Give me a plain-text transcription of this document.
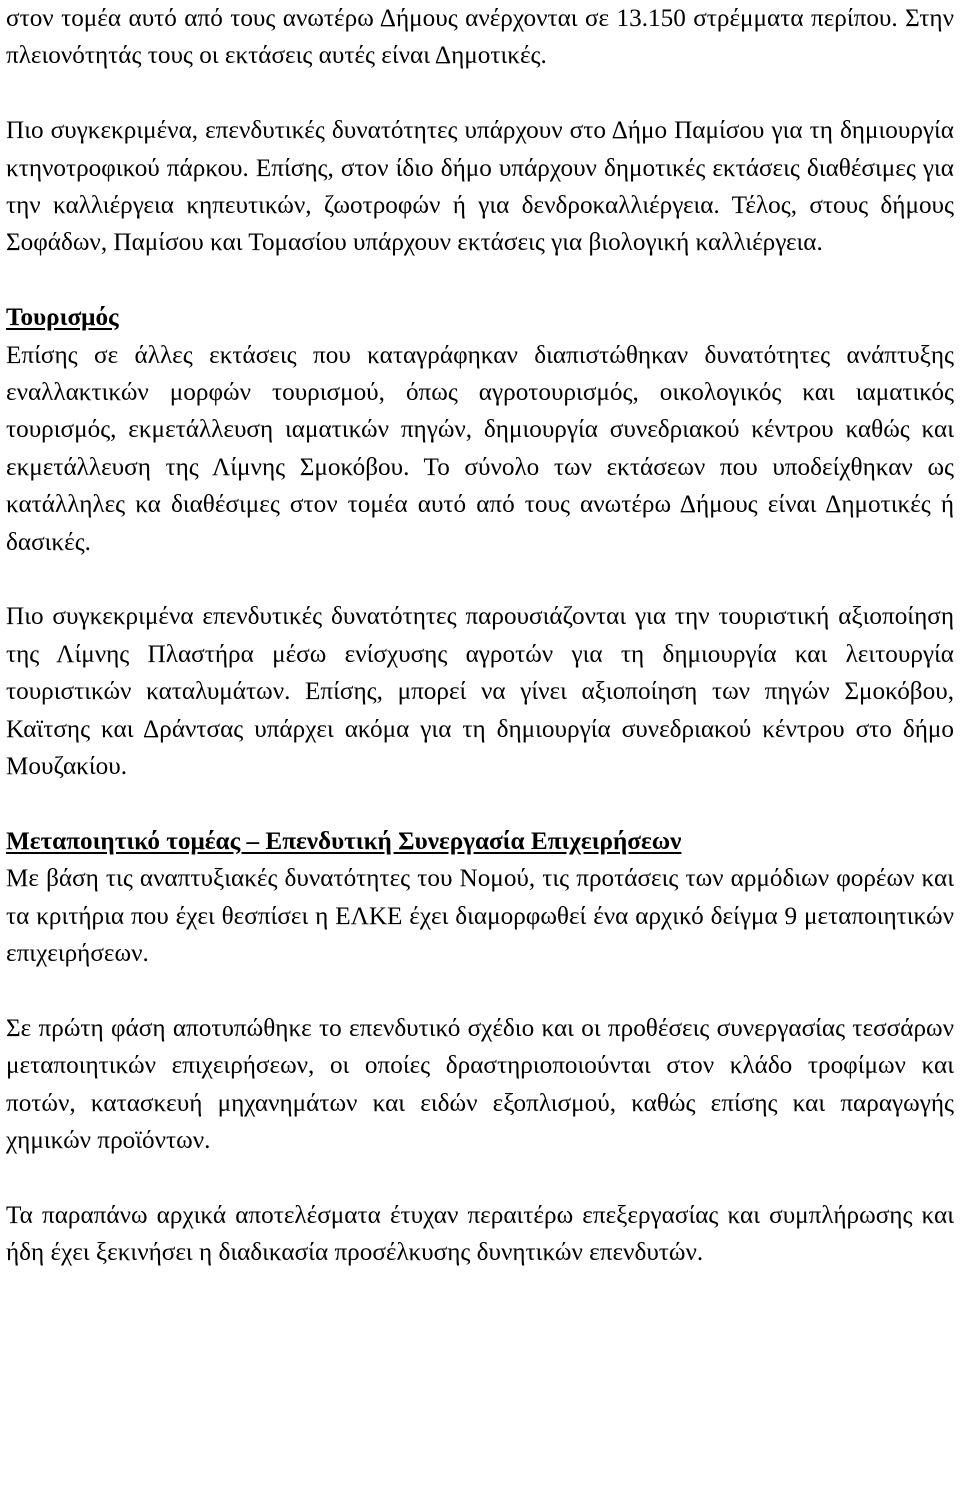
στον τομέα αυτό από τους ανωτέρω Δήμους ανέρχονται σε 13.150 στρέμματα περίπου. Στην πλειονότητάς τους οι εκτάσεις αυτές είναι Δημοτικές.

Πιο συγκεκριμένα, επενδυτικές δυνατότητες υπάρχουν στο Δήμο Παμίσου για τη δημιουργία κτηνοτροφικού πάρκου. Επίσης, στον ίδιο δήμο υπάρχουν δημοτικές εκτάσεις διαθέσιμες για την καλλιέργεια κηπευτικών, ζωοτροφών ή για δενδροκαλλιέργεια. Τέλος, στους δήμους Σοφάδων, Παμίσου και Τομασίου υπάρχουν εκτάσεις για βιολογική καλλιέργεια.

Τουρισμός

Επίσης σε άλλες εκτάσεις που καταγράφηκαν διαπιστώθηκαν δυνατότητες ανάπτυξης εναλλακτικών μορφών τουρισμού, όπως αγροτουρισμός, οικολογικός και ιαματικός τουρισμός, εκμετάλλευση ιαματικών πηγών, δημιουργία συνεδριακού κέντρου καθώς και εκμετάλλευση της Λίμνης Σμοκόβου. Το σύνολο των εκτάσεων που υποδείχθηκαν ως κατάλληλες κα διαθέσιμες στον τομέα αυτό από τους ανωτέρω Δήμους είναι Δημοτικές ή δασικές.

Πιο συγκεκριμένα επενδυτικές δυνατότητες παρουσιάζονται για την τουριστική αξιοποίηση της Λίμνης Πλαστήρα μέσω ενίσχυσης αγροτών για τη δημιουργία και λειτουργία τουριστικών καταλυμάτων. Επίσης, μπορεί να γίνει αξιοποίηση των πηγών Σμοκόβου, Καϊτσης και Δράντσας υπάρχει ακόμα για τη δημιουργία συνεδριακού κέντρου στο δήμο Μουζακίου.

Μεταποιητικό τομέας – Επενδυτική Συνεργασία Επιχειρήσεων

Με βάση τις αναπτυξιακές δυνατότητες του Νομού, τις προτάσεις των αρμόδιων φορέων και τα κριτήρια που έχει θεσπίσει η ΕΛΚΕ έχει διαμορφωθεί ένα αρχικό δείγμα 9 μεταποιητικών επιχειρήσεων.

Σε πρώτη φάση αποτυπώθηκε το επενδυτικό σχέδιο και οι προθέσεις συνεργασίας τεσσάρων μεταποιητικών επιχειρήσεων, οι οποίες δραστηριοποιούνται στον κλάδο τροφίμων και ποτών, κατασκευή μηχανημάτων και ειδών εξοπλισμού, καθώς επίσης και παραγωγής χημικών προϊόντων.

Τα παραπάνω αρχικά αποτελέσματα έτυχαν περαιτέρω επεξεργασίας και συμπλήρωσης και ήδη έχει ξεκινήσει η διαδικασία προσέλκυσης δυνητικών επενδυτών.
